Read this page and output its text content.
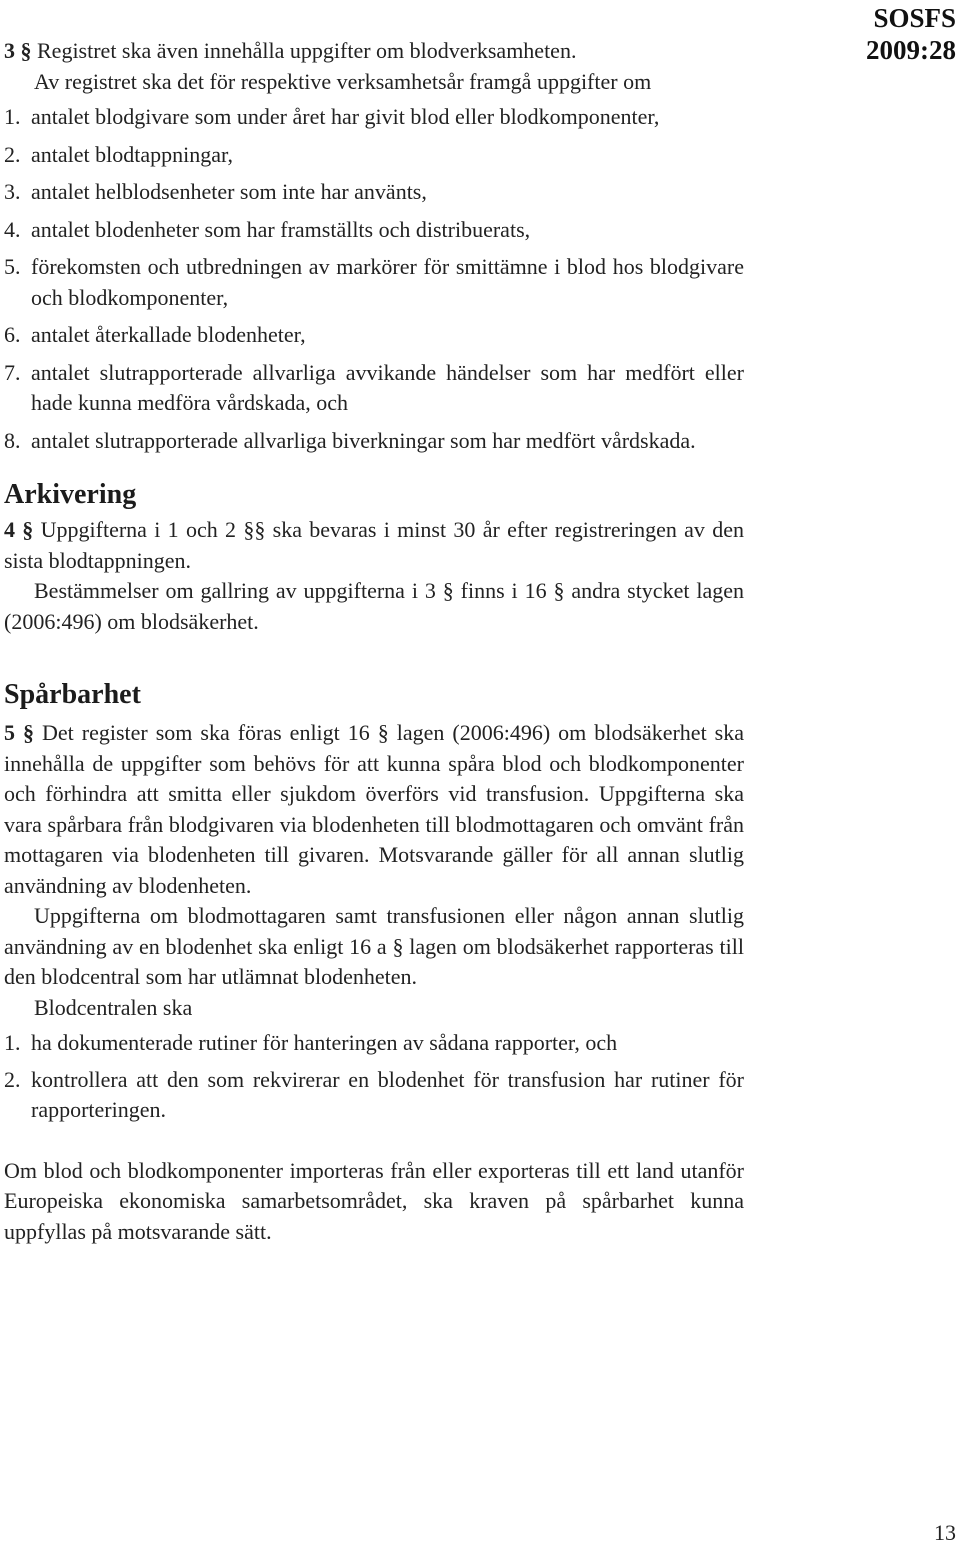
SOSFS
2009:28

3 § Registret ska även innehålla uppgifter om blodverksamheten.

Av registret ska det för respektive verksamhetsår framgå uppgifter om

1. antalet blodgivare som under året har givit blod eller blodkomponenter,
2. antalet blodtappningar,
3. antalet helblodsenheter som inte har använts,
4. antalet blodenheter som har framställts och distribuerats,
5. förekomsten och utbredningen av markörer för smittämne i blod hos blodgivare och blodkomponenter,
6. antalet återkallade blodenheter,
7. antalet slutrapporterade allvarliga avvikande händelser som har medfört eller hade kunna medföra vårdskada, och
8. antalet slutrapporterade allvarliga biverkningar som har medfört vårdskada.
Arkivering

4 § Uppgifterna i 1 och 2 §§ ska bevaras i minst 30 år efter registreringen av den sista blodtappningen.

Bestämmelser om gallring av uppgifterna i 3 § finns i 16 § andra stycket lagen (2006:496) om blodsäkerhet.

Spårbarhet

5 § Det register som ska föras enligt 16 § lagen (2006:496) om blodsäkerhet ska innehålla de uppgifter som behövs för att kunna spåra blod och blodkomponenter och förhindra att smitta eller sjukdom överförs vid transfusion. Uppgifterna ska vara spårbara från blodgivaren via blodenheten till blodmottagaren och omvänt från mottagaren via blodenheten till givaren. Motsvarande gäller för all annan slutlig användning av blodenheten.

Uppgifterna om blodmottagaren samt transfusionen eller någon annan slutlig användning av en blodenhet ska enligt 16 a § lagen om blodsäkerhet rapporteras till den blodcentral som har utlämnat blodenheten.

Blodcentralen ska

1. ha dokumenterade rutiner för hanteringen av sådana rapporter, och
2. kontrollera att den som rekvirerar en blodenhet för transfusion har rutiner för rapporteringen.

Om blod och blodkomponenter importeras från eller exporteras till ett land utanför Europeiska ekonomiska samarbetsområdet, ska kraven på spårbarhet kunna uppfyllas på motsvarande sätt.

13
